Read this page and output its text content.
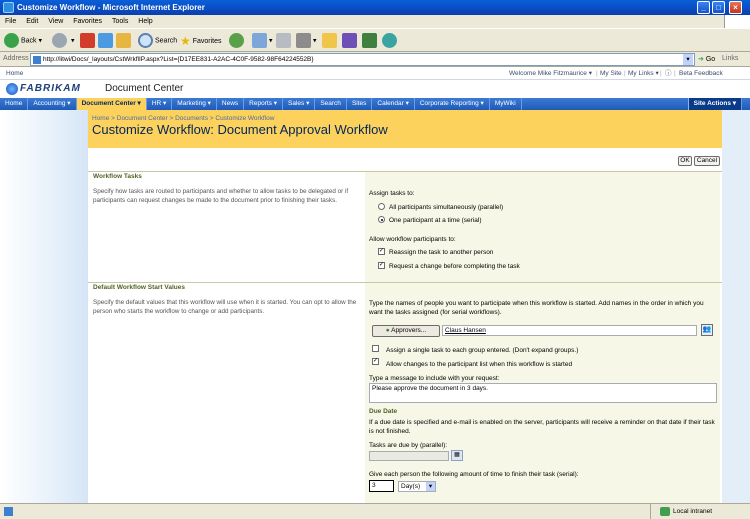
Customize Workflow - Microsoft Internet Explorer	_	□	×
File Edit View Favorites Tools Help
Back ▾	▾	Search ★ Favorites	▾	▾
Address	http://litwi/Docs/_layouts/CstWrkflIP.aspx?List={D17EE831-A2AC-4C0F-9582-98F64224552B}	▾	➜ Go Links
Home	Welcome Mike Fitzmaurice ▾ | My Site | My Links ▾ | ⓘ | Beta Feedback
FABRIKAM Document Center
Home Accounting ▾ Document Center ▾ HR ▾ Marketing ▾ News Reports ▾ Sales ▾ Search Sites Calendar ▾ Corporate Reporting ▾ MyWiki	Site Actions ▾
Home > Document Center > Documents > Customize Workflow
Customize Workflow: Document Approval Workflow
OK	Cancel
Workflow Tasks
Specify how tasks are routed to participants and whether to allow tasks to be delegated or if participants can request changes be made to the document prior to finishing their tasks.
Assign tasks to:
All participants simultaneously (parallel)
One participant at a time (serial)
Allow workflow participants to:
✓ Reassign the task to another person
✓ Request a change before completing the task
Default Workflow Start Values
Specify the default values that this workflow will use when it is started. You can opt to allow the person who starts the workflow to change or add participants.
Type the names of people you want to participate when this workflow is started. Add names in the order in which you want the tasks assigned (for serial workflows).
● Approvers...	Claus Hansen	👥
Assign a single task to each group entered. (Don't expand groups.)
✓ Allow changes to the participant list when this workflow is started
Type a message to include with your request:
Please approve the document in 3 days.
Due Date
If a due date is specified and e-mail is enabled on the server, participants will receive a reminder on that date if their task is not finished.
Tasks are due by (parallel):
▦
Give each person the following amount of time to finish their task (serial):
3	Day(s)	▾
Local intranet
